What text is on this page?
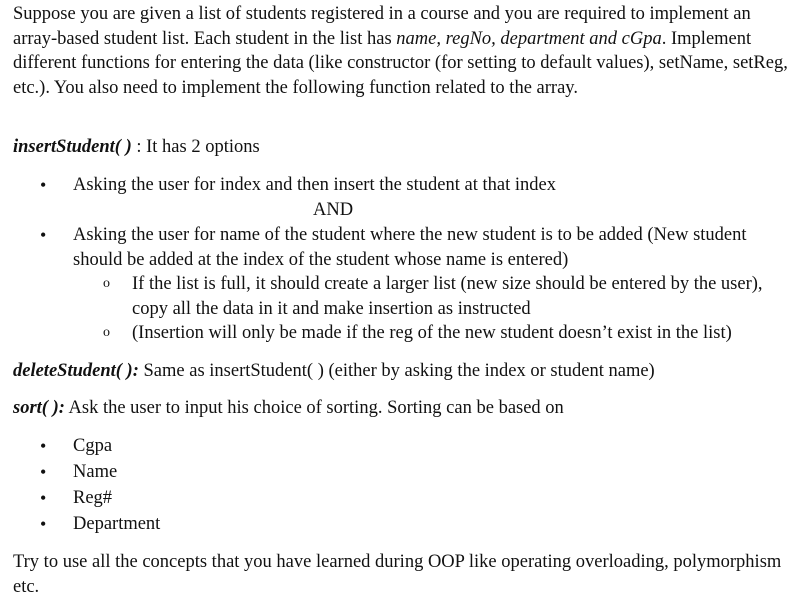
Suppose you are given a list of students registered in a course and you are required to implement an array-based student list. Each student in the list has name, regNo, department and cGpa. Implement different functions for entering the data (like constructor (for setting to default values), setName, setReg, etc.). You also need to implement the following function related to the array.

insertStudent( ) : It has 2 options

• Asking the user for index and then insert the student at that index
AND
• Asking the user for name of the student where the new student is to be added (New student should be added at the index of the student whose name is entered)
o If the list is full, it should create a larger list (new size should be entered by the user), copy all the data in it and make insertion as instructed
o (Insertion will only be made if the reg of the new student doesn’t exist in the list)

deleteStudent( ): Same as insertStudent( ) (either by asking the index or student name)

sort( ): Ask the user to input his choice of sorting. Sorting can be based on

• Cgpa
• Name
• Reg#
• Department

Try to use all the concepts that you have learned during OOP like operating overloading, polymorphism etc.
